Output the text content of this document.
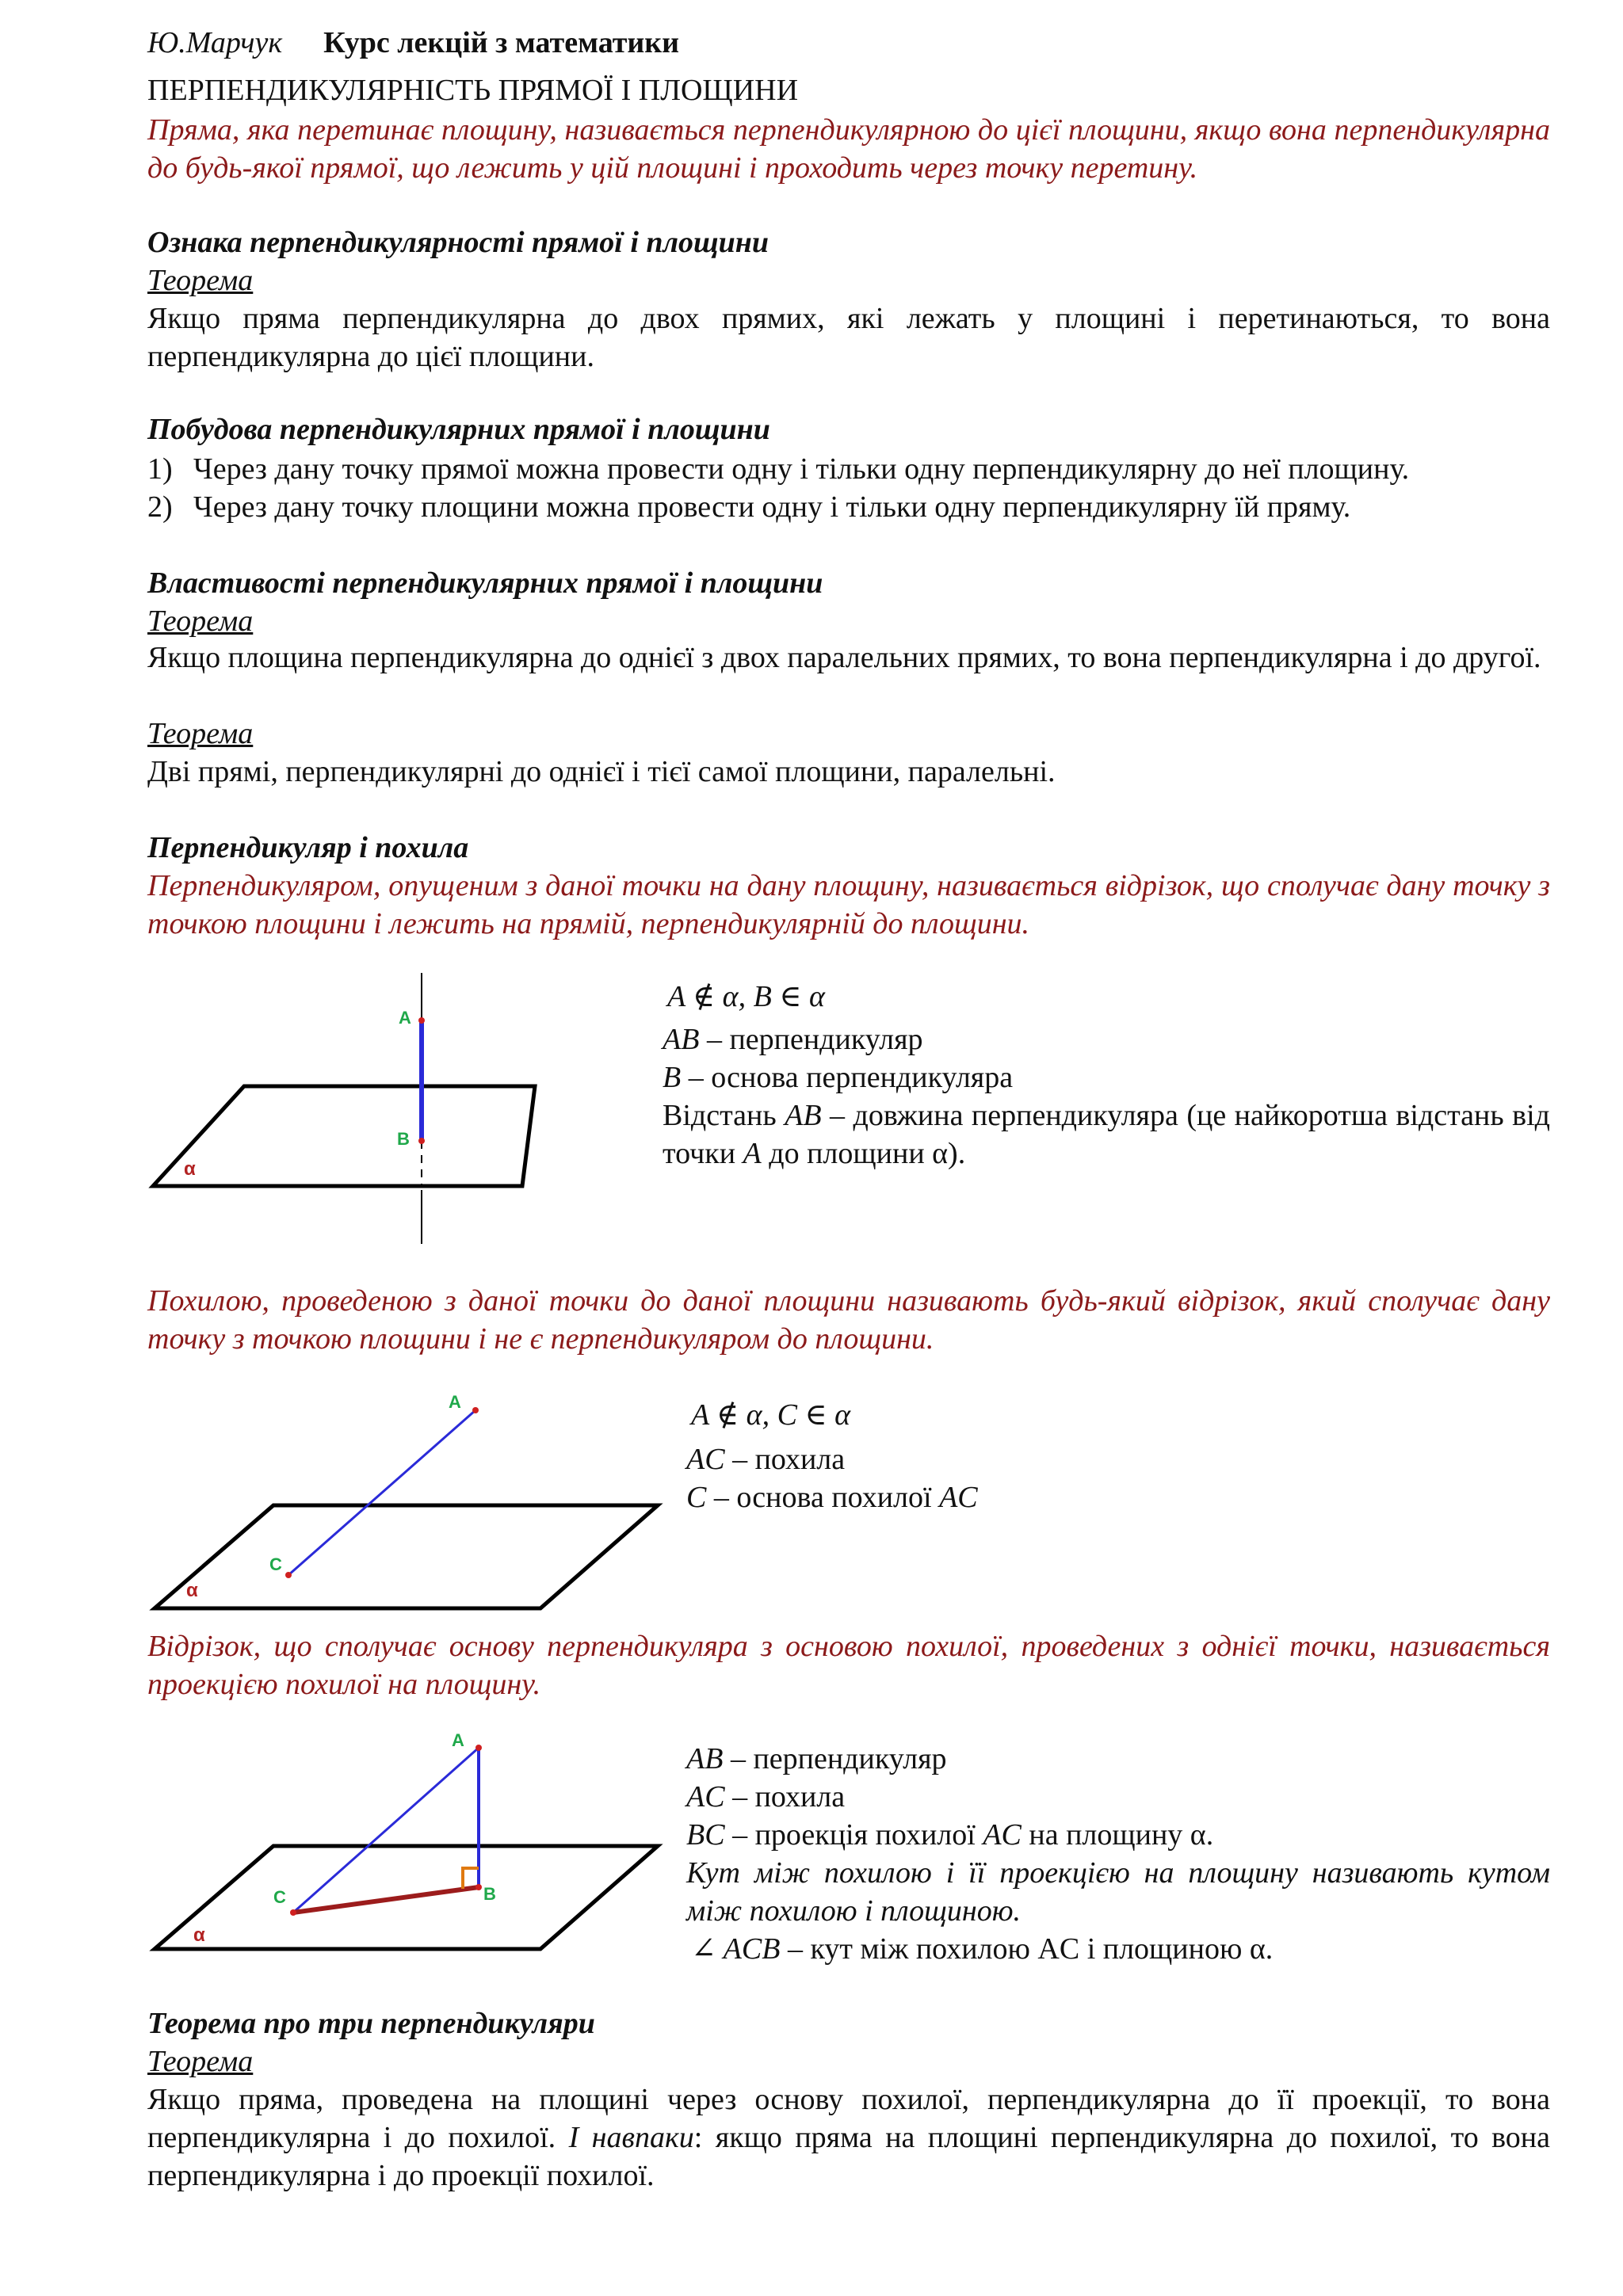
Ю.Марчук Курс лекцій з математики
ПЕРПЕНДИКУЛЯРНІСТЬ ПРЯМОЇ І ПЛОЩИНИ
Пряма, яка перетинає площину, називається перпендикулярною до цієї площини, якщо вона перпендикулярна до будь-якої прямої, що лежить у цій площині і проходить через точку перетину.
Ознака перпендикулярності прямої і площини
Теорема
Якщо пряма перпендикулярна до двох прямих, які лежать у площині і перетинаються, то вона перпендикулярна до цієї площини.
Побудова перпендикулярних прямої і площини
1) Через дану точку прямої можна провести одну і тільки одну перпендикулярну до неї площину.
2) Через дану точку площини можна провести одну і тільки одну перпендикулярну їй пряму.
Властивості перпендикулярних прямої і площини
Теорема
Якщо площина перпендикулярна до однієї з двох паралельних прямих, то вона перпендикулярна і до другої.
Теорема
Дві прямі, перпендикулярні до однієї і тієї самої площини, паралельні.
Перпендикуляр і похила
Перпендикуляром, опущеним з даної точки на дану площину, називається відрізок, що сполучає дану точку з точкою площини і лежить на прямій, перпендикулярній до площини.
A
B
α
A ∉ α, B ∈ α
AB – перпендикуляр
B – основа перпендикуляра
Відстань AB – довжина перпендикуляра (це найкоротша відстань від точки A до площини α).
Похилою, проведеною з даної точки до даної площини називають будь-який відрізок, який сполучає дану точку з точкою площини і не є перпендикуляром до площини.
A
C
α
A ∉ α, C ∈ α
AC – похила
C – основа похилої AC
Відрізок, що сполучає основу перпендикуляра з основою похилої, проведених з однієї точки, називається проекцією похилої на площину.
A
B
C
α
AB – перпендикуляр
AC – похила
BC – проекція похилої AC на площину α.
Кут між похилою і її проекцією на площину називають кутом між похилою і площиною.
∠ ACB – кут між похилою AC і площиною α.
Теорема про три перпендикуляри
Теорема
Якщо пряма, проведена на площині через основу похилої, перпендикулярна до її проекції, то вона перпендикулярна і до похилої. І навпаки: якщо пряма на площині перпендикулярна до похилої, то вона перпендикулярна і до проекції похилої.
